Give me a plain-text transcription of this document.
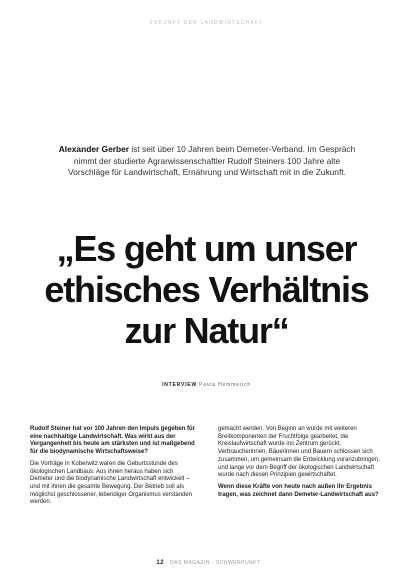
ZUKUNFT DER LANDWIRTSCHAFT
Alexander Gerber ist seit über 10 Jahren beim Demeter-Verband. Im Gespräch nimmt der studierte Agrarwissenschaftler Rudolf Steiners 100 Jahre alte Vorschläge für Landwirtschaft, Ernährung und Wirtschaft mit in die Zukunft.
„Es geht um unser
ethisches Verhältnis
zur Natur“
INTERVIEW Paula Hemmerich

Rudolf Steiner hat vor 100 Jahren den Impuls gegeben für eine nachhaltige Landwirtschaft. Was wirkt aus der Vergangenheit bis heute am stärksten und ist maßgebend für die biodynamische Wirtschaftsweise?

Die Vorträge in Koberwitz waren die Geburtsstunde des ökologischen Landbaus. Aus ihnen heraus haben sich Demeter und die biodynamische Landwirtschaft entwickelt – und mit ihnen die gesamte Bewegung. Der Betrieb soll als möglichst geschlossener, lebendiger Organismus verstanden werden.

gemacht werden. Von Beginn an wurde mit weiteren Breitkomponenten der Fruchtfolge gearbeitet, die Kreislaufwirtschaft wurde ins Zentrum gerückt. Verbraucherinnen, Bäuerinnen und Bauern schlossen sich zusammen, um gemeinsam die Entwicklung voranzubringen, und lange vor dem Begriff der ökologischen Landwirtschaft wurde nach diesen Prinzipien gewirtschaftet.

Wenn diese Kräfte von heute nach außen ihr Ergebnis tragen, was zeichnet dann Demeter-Landwirtschaft aus?

12 DAS MAGAZIN · SCHWERPUNKT
